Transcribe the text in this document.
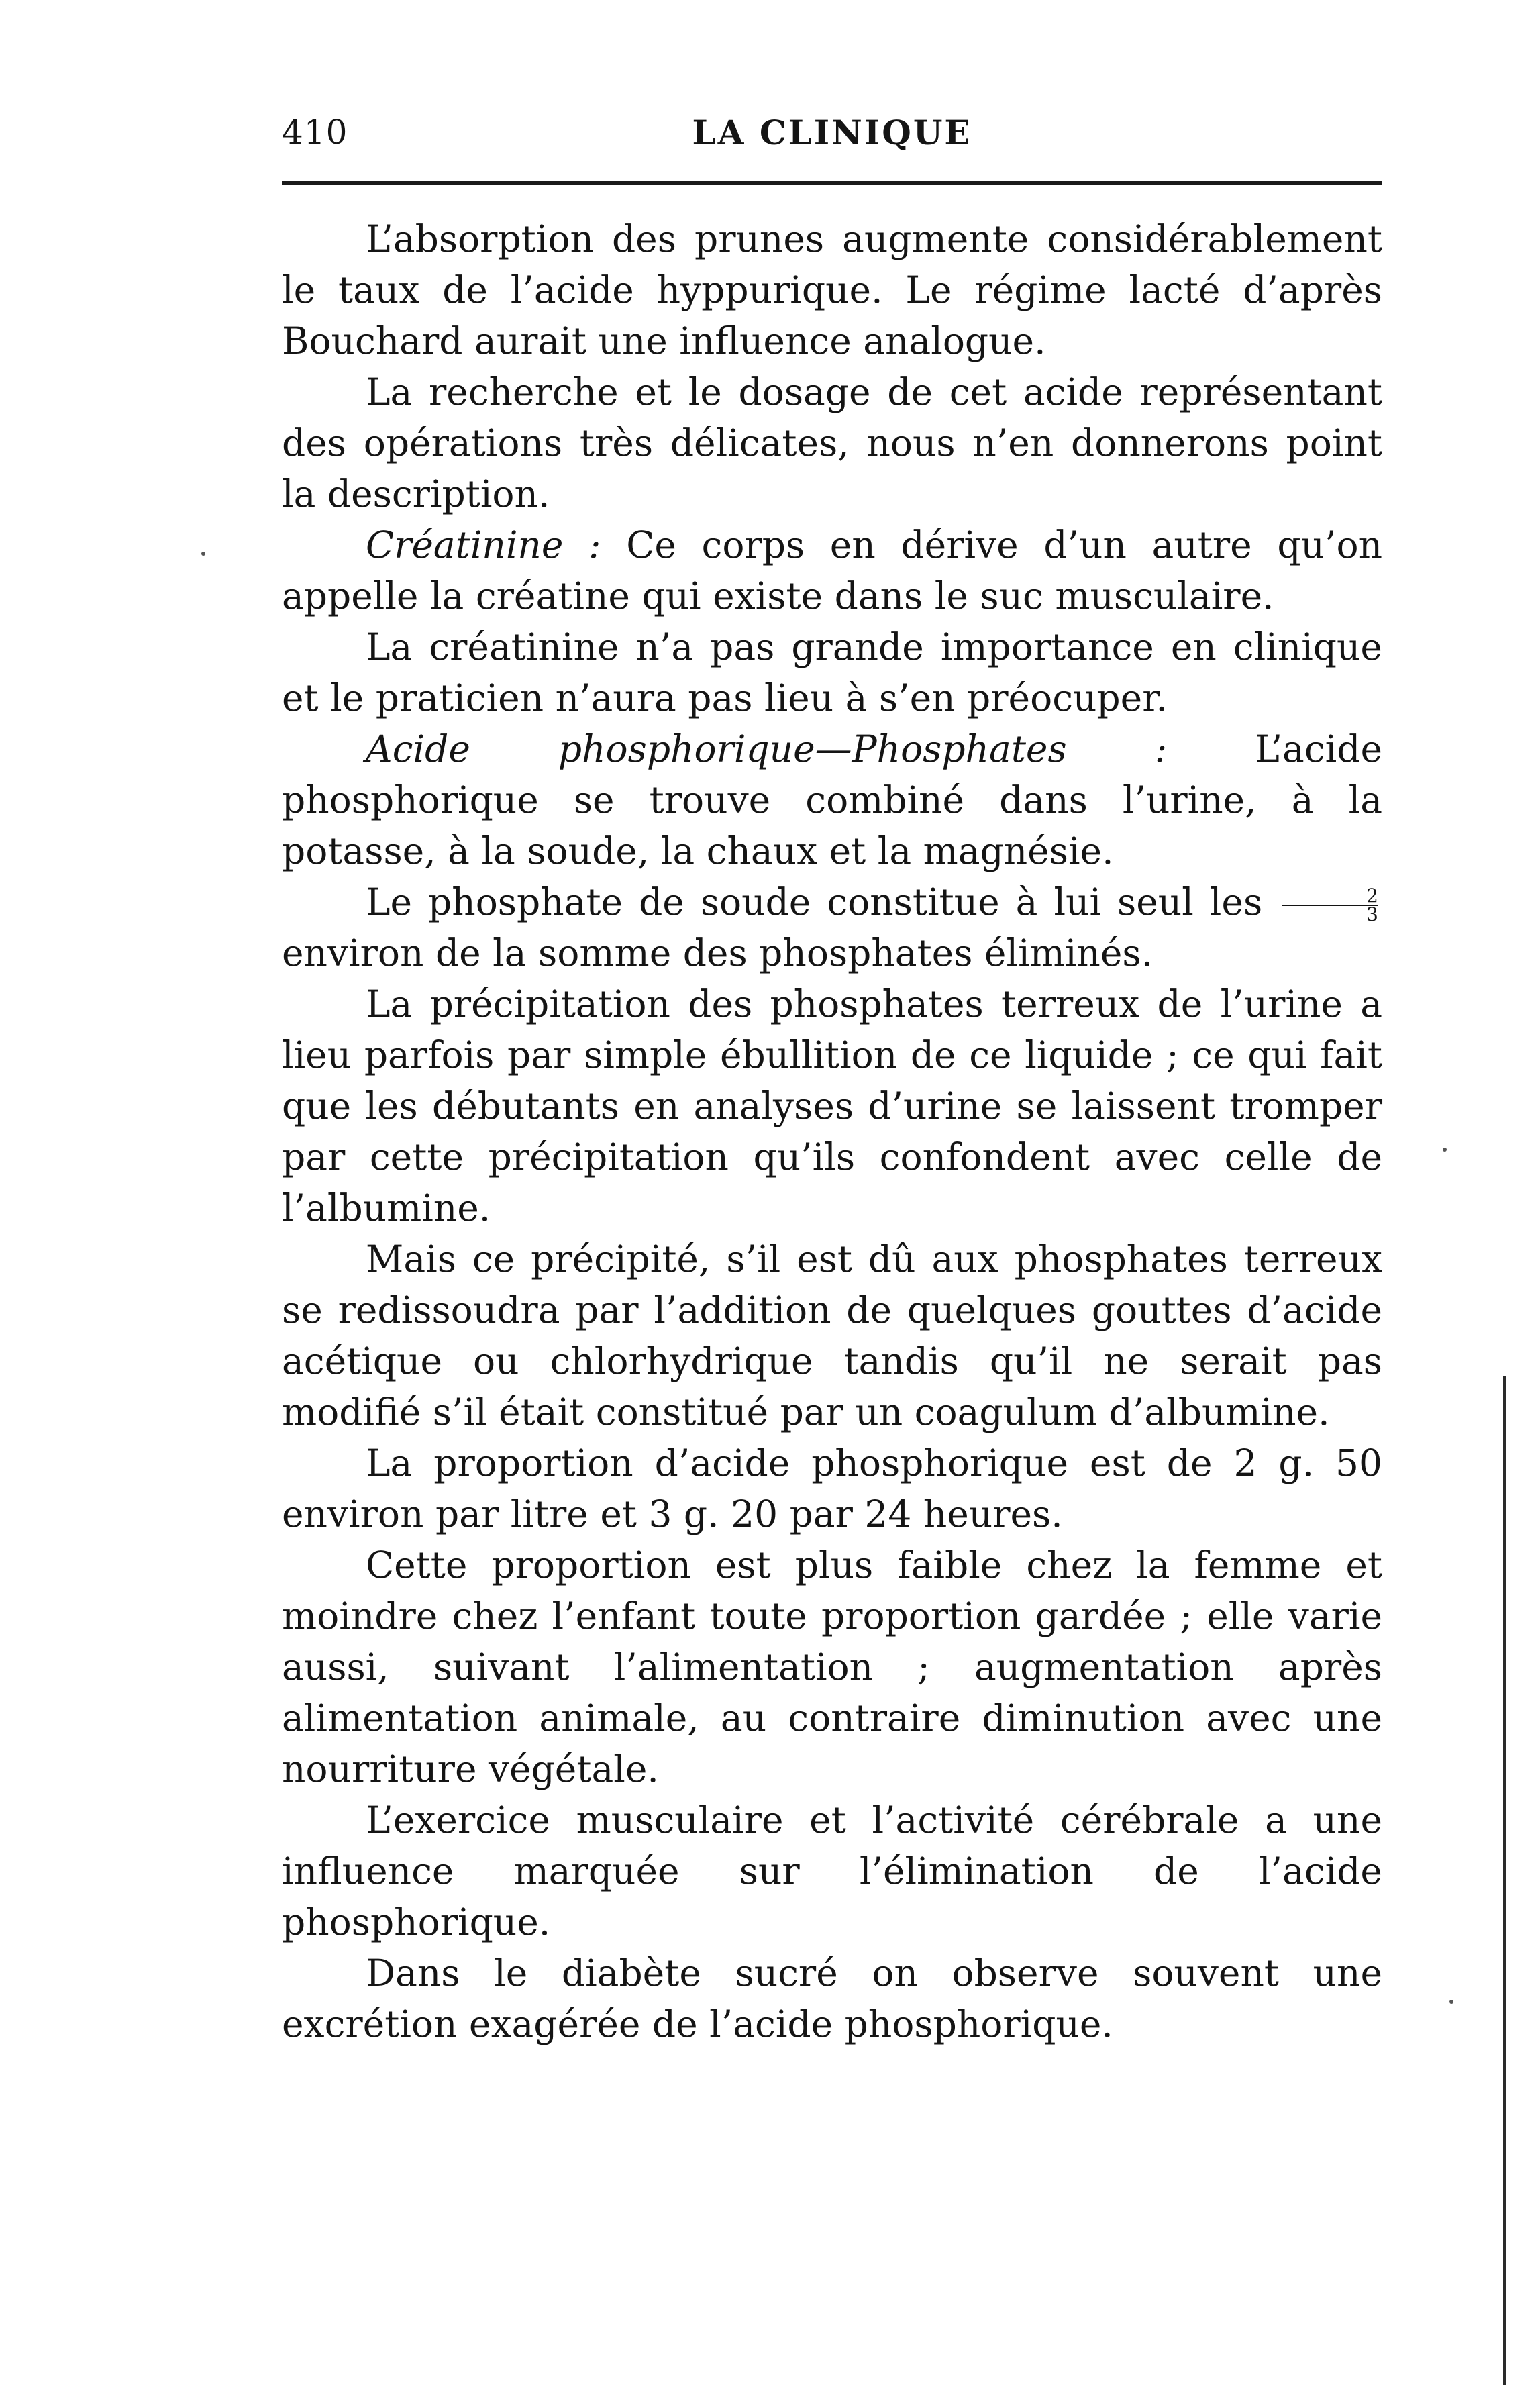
410	LA CLINIQUE

L’absorption des prunes augmente considérablement le taux de l’acide hyppurique. Le régime lacté d’après Bouchard aurait une influence analogue.

La recherche et le dosage de cet acide représentant des opérations très délicates, nous n’en donnerons point la description.

Créatinine : Ce corps en dérive d’un autre qu’on appelle la créatine qui existe dans le suc musculaire.

La créatinine n’a pas grande importance en clinique et le praticien n’aura pas lieu à s’en préocuper.

Acide phosphorique—Phosphates : L’acide phosphorique se trouve combiné dans l’urine, à la potasse, à la soude, la chaux et la magnésie.

Le phosphate de soude constitue à lui seul les $\frac{2}{3}$
environ de la somme des phosphates éliminés.

La précipitation des phosphates terreux de l’urine a lieu parfois par simple ébullition de ce liquide ; ce qui fait que les débutants en analyses d’urine se laissent tromper par cette précipitation qu’ils confondent avec celle de l’albumine.

Mais ce précipité, s’il est dû aux phosphates terreux se redissoudra par l’addition de quelques gouttes d’acide acétique ou chlorhydrique tandis qu’il ne serait pas modifié s’il était constitué par un coagulum d’albumine.

La proportion d’acide phosphorique est de 2 g. 50 environ par litre et 3 g. 20 par 24 heures.

Cette proportion est plus faible chez la femme et moindre chez l’enfant toute proportion gardée ; elle varie aussi, suivant l’alimentation ; augmentation après alimentation animale, au contraire diminution avec une nourriture végétale.

L’exercice musculaire et l’activité cérébrale a une influence marquée sur l’élimination de l’acide phosphorique.

Dans le diabète sucré on observe souvent une excrétion exagérée de l’acide phosphorique.
